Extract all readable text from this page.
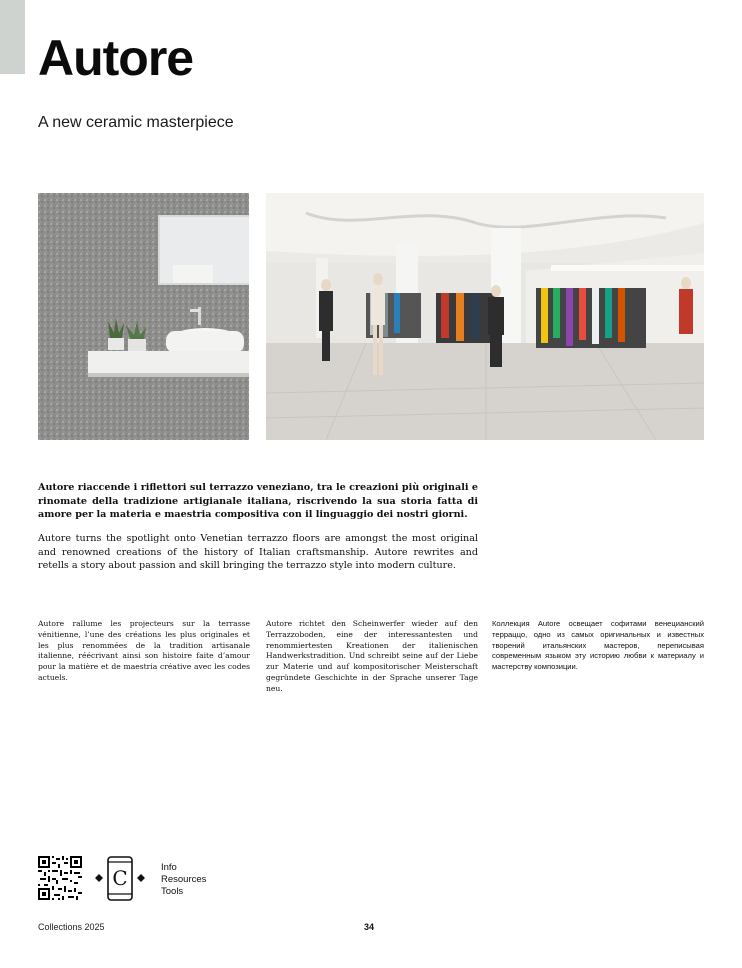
Autore
A new ceramic masterpiece

Autore riaccende i riflettori sul terrazzo veneziano, tra le creazioni più originali e rinomate della tradizione artigianale italiana, riscrivendo la sua storia fatta di amore per la materia e maestria compositiva con il linguaggio dei nostri giorni.

Autore turns the spotlight onto Venetian terrazzo floors are amongst the most original and renowned creations of the history of Italian craftsmanship. Autore rewrites and retells a story about passion and skill bringing the terrazzo style into modern culture.

Autore rallume les projecteurs sur la terrasse vénitienne, l’une des créations les plus originales et les plus renommées de la tradition artisanale italienne, réécrivant ainsi son histoire faite d’amour pour la matière et de maestria créative avec les codes actuels.

Autore richtet den Scheinwerfer wieder auf den Terrazzoboden, eine der interessantesten und renommiertesten Kreationen der italienischen Handwerkstradition. Und schreibt seine auf der Liebe zur Materie und auf kompositorischer Meisterschaft gegründete Geschichte in der Sprache unserer Tage neu.

Коллекция Autore освещает софитами венецианский терраццо, одно из самых оригинальных и известных творений итальянских мастеров, переписывая современным языком эту историю любви к материалу и мастерству композиции.

C	Info
Resources
Tools
Collections 2025	34
